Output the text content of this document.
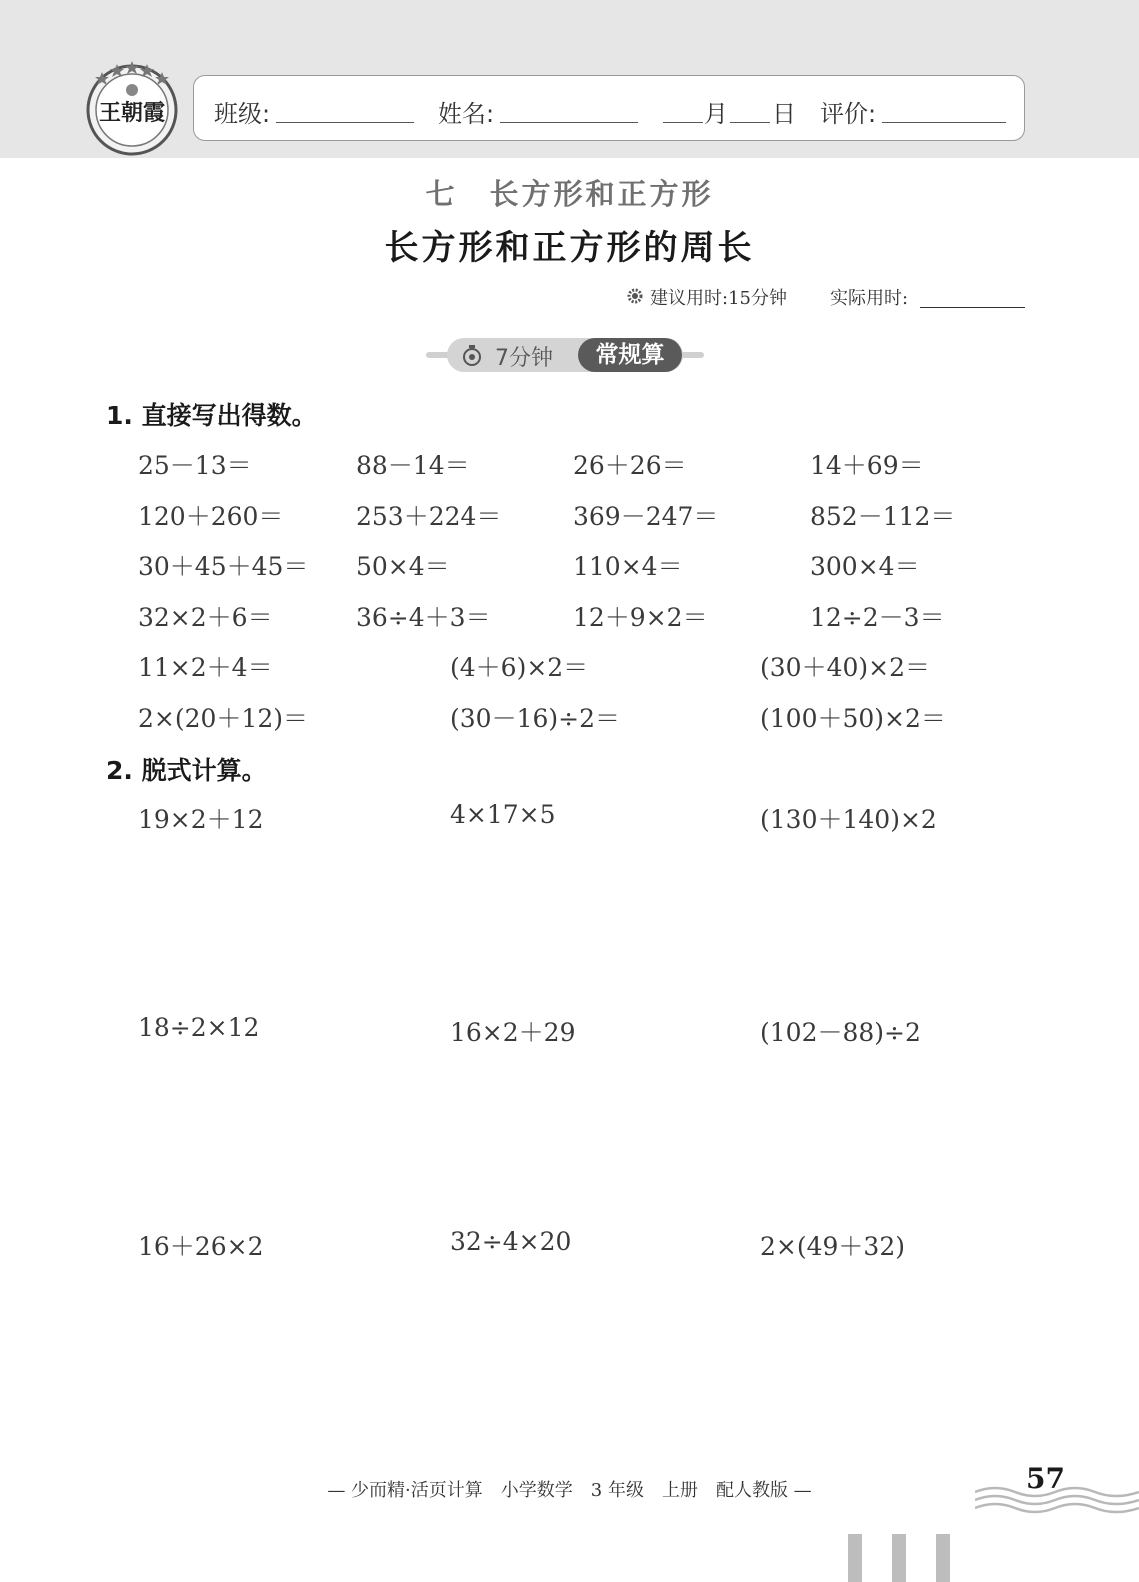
王朝霞 班级:	姓名:	月 日 评价:
七　长方形和正方形
长方形和正方形的周长
建议用时:15分钟 实际用时:
7分钟	常规算
1. 直接写出得数。
25－13＝	88－14＝	26＋26＝	14＋69＝
120＋260＝	253＋224＝	369－247＝	852－112＝
30＋45＋45＝ 50×4＝	110×4＝	300×4＝
32×2＋6＝	36÷4＋3＝	12＋9×2＝	12÷2－3＝
11×2＋4＝	(4＋6)×2＝	(30＋40)×2＝
2×(20＋12)＝	(30－16)÷2＝	(100＋50)×2＝
2. 脱式计算。
19×2＋12	4×17×5	(130＋140)×2
18÷2×12	16×2＋29	(102－88)÷2
16＋26×2	32÷4×20	2×(49＋32)
— 少而精·活页计算　小学数学　3 年级　上册　配人教版 —	57
